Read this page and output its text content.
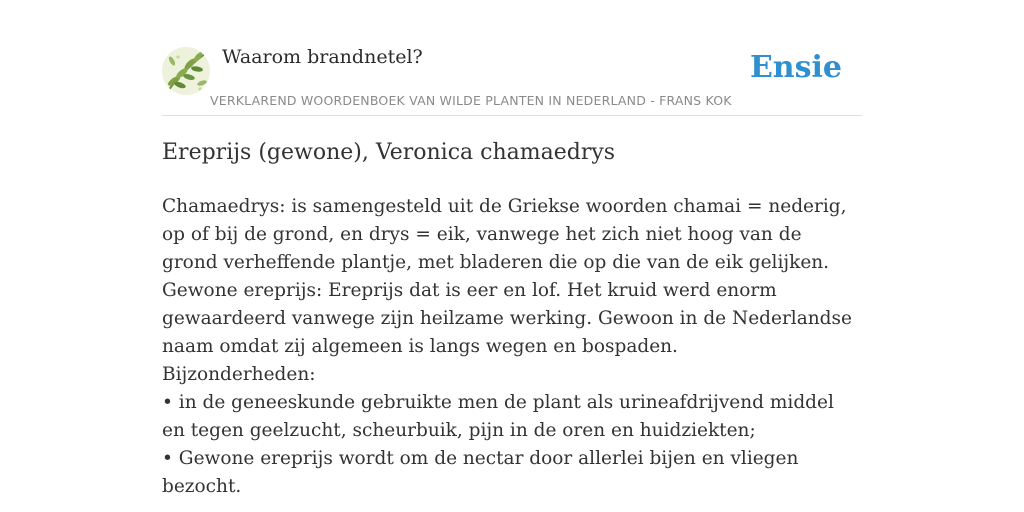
Waarom brandnetel?
VERKLAREND WOORDENBOEK VAN WILDE PLANTEN IN NEDERLAND - FRANS KOK
Ensie
Ereprijs (gewone), Veronica chamaedrys

Chamaedrys: is samengesteld uit de Griekse woorden chamai = nederig, op of bij de grond, en drys = eik, vanwege het zich niet hoog van de grond verheffende plantje, met bladeren die op die van de eik gelijken.

Gewone ereprijs: Ereprijs dat is eer en lof. Het kruid werd enorm gewaardeerd vanwege zijn heilzame werking. Gewoon in de Nederlandse naam omdat zij algemeen is langs wegen en bospaden.

Bijzonderheden:

• in de geneeskunde gebruikte men de plant als urineafdrijvend middel en tegen geelzucht, scheurbuik, pijn in de oren en huidziekten;

• Gewone ereprijs wordt om de nectar door allerlei bijen en vliegen bezocht.
